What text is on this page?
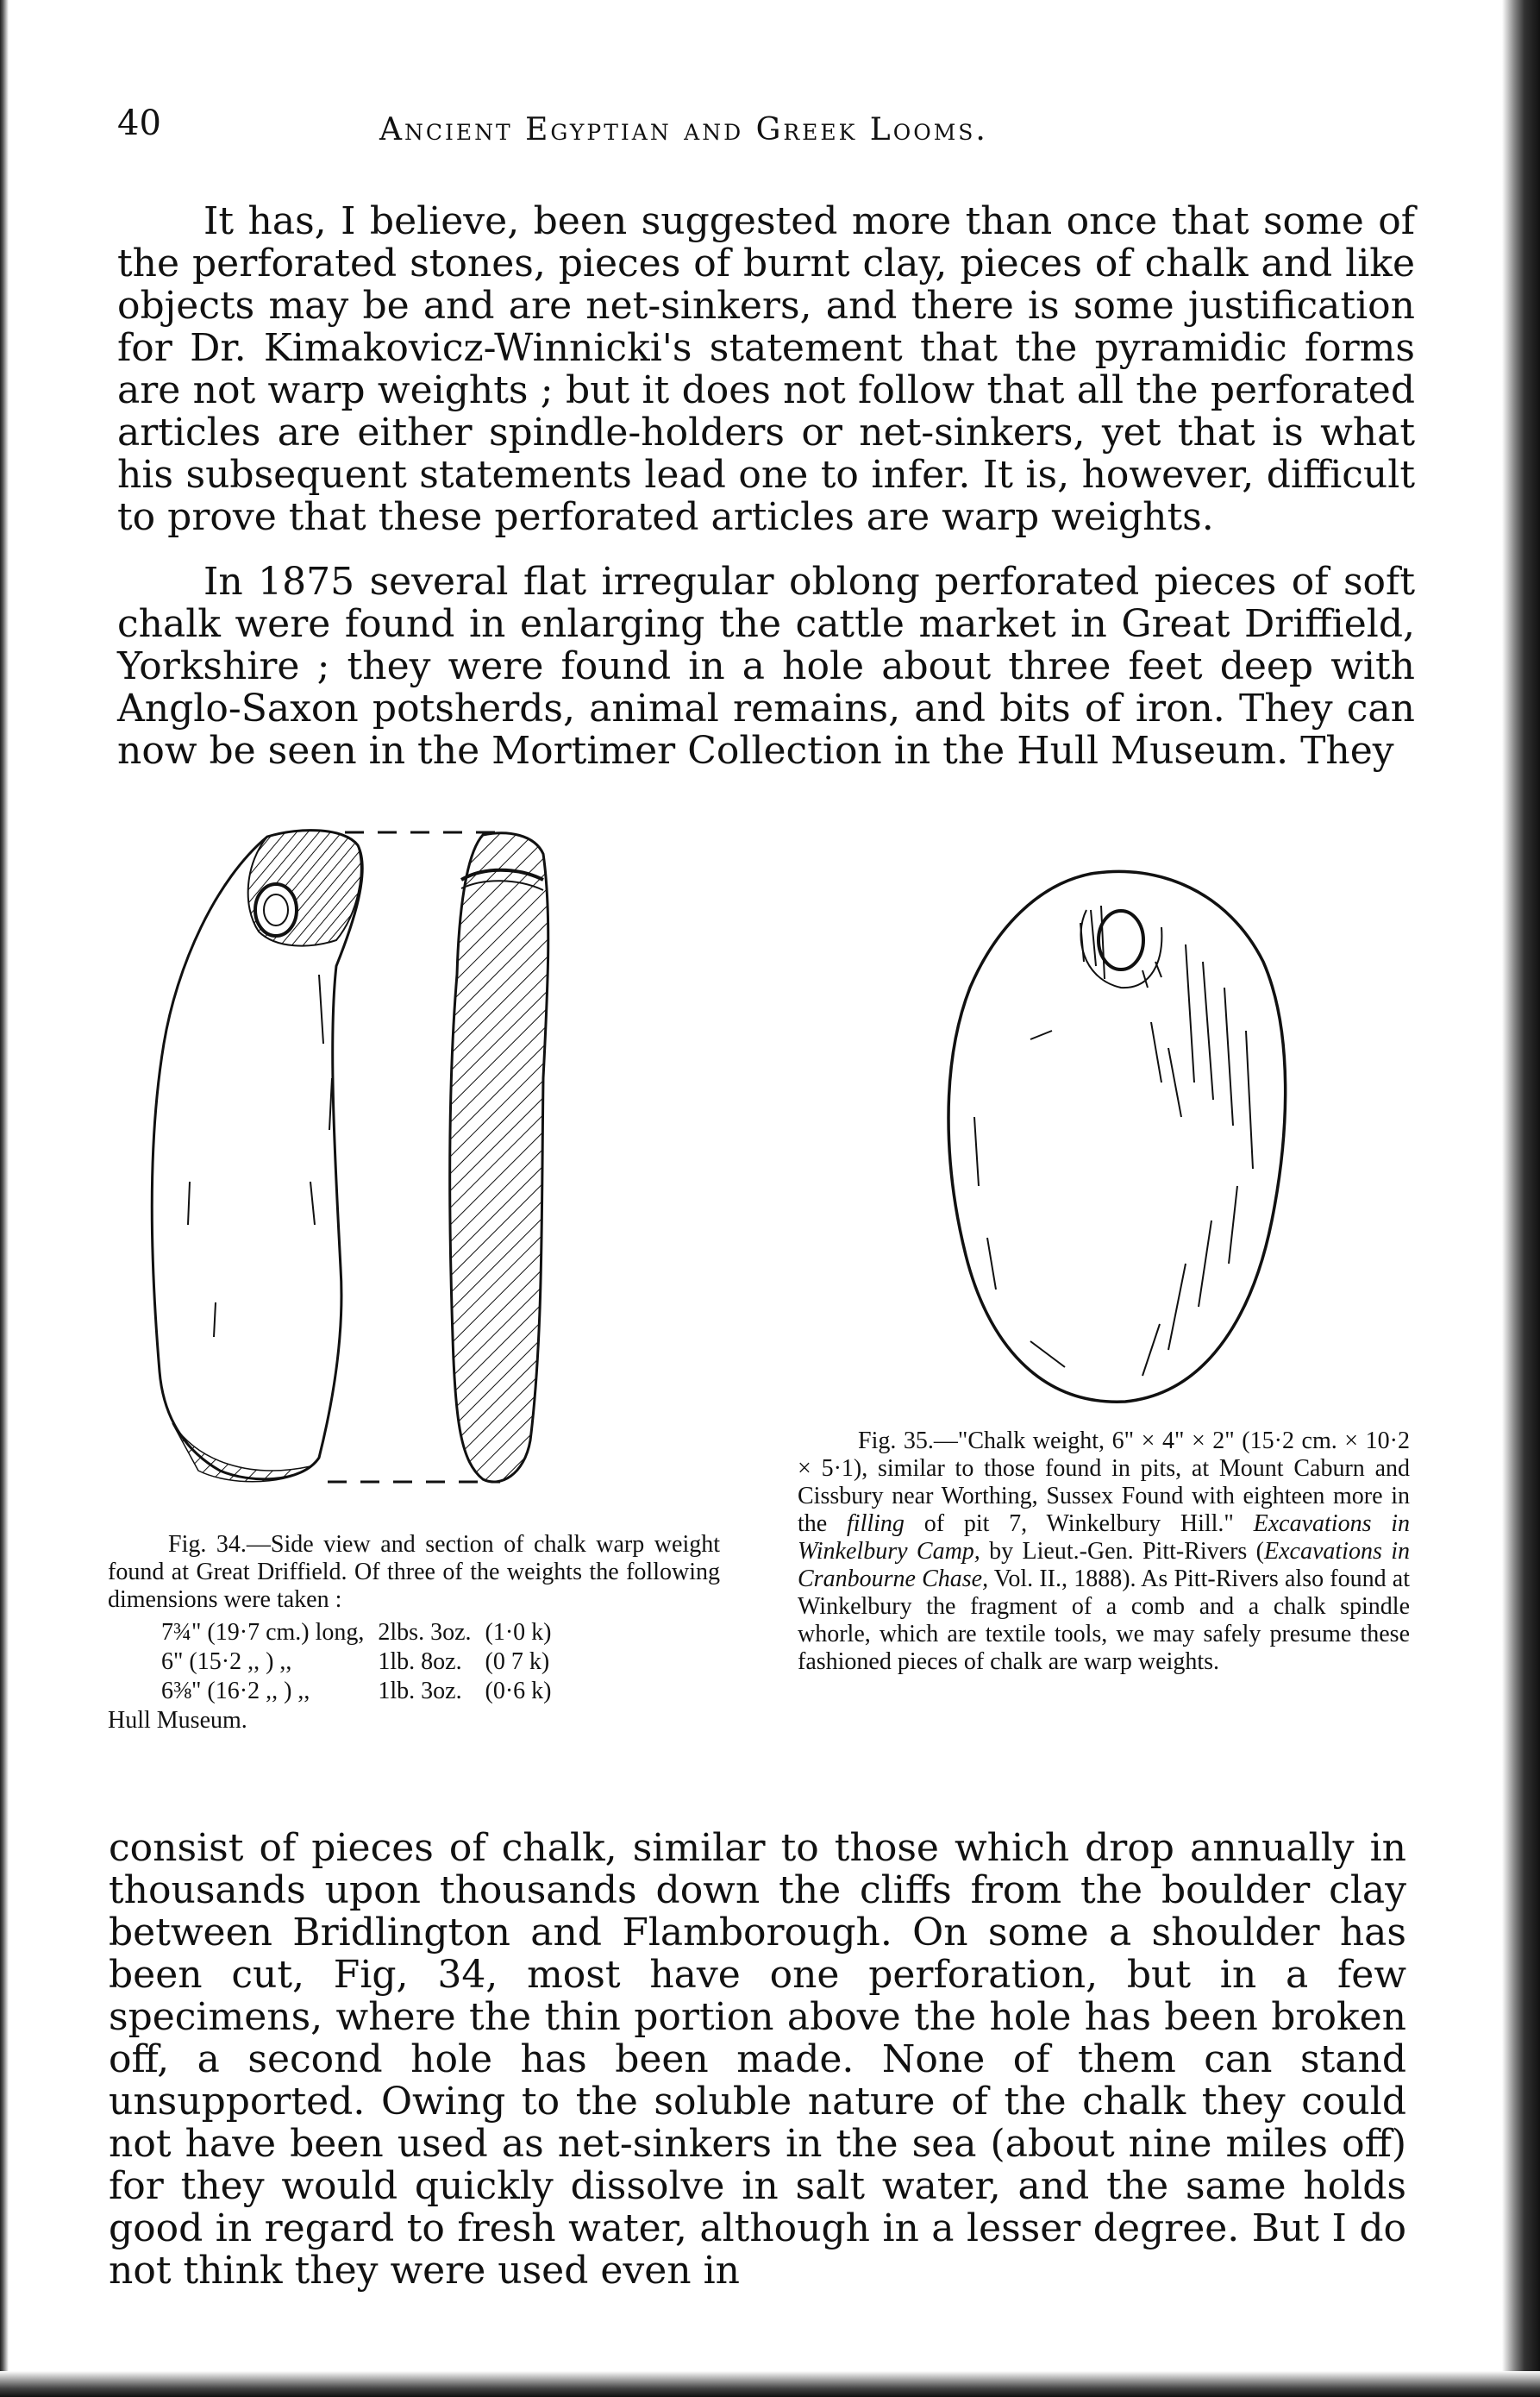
40	Ancient Egyptian and Greek Looms.

It has, I believe, been suggested more than once that some of the perforated stones, pieces of burnt clay, pieces of chalk and like objects may be and are net-sinkers, and there is some justification for Dr. Kimakovicz-Winnicki's statement that the pyramidic forms are not warp weights ; but it does not follow that all the perforated articles are either spindle-holders or net-sinkers, yet that is what his subsequent statements lead one to infer. It is, however, difficult to prove that these perforated articles are warp weights.

In 1875 several flat irregular oblong perforated pieces of soft chalk were found in enlarging the cattle market in Great Driffield, Yorkshire ; they were found in a hole about three feet deep with Anglo-Saxon potsherds, animal remains, and bits of iron. They can now be seen in the Mortimer Collection in the Hull Museum. They

Fig. 34.—Side view and section of chalk warp weight found at Great Driffield. Of three of the weights the following dimensions were taken :

7¾" (19·7 cm.) long,	2lbs. 3oz.	(1·0 k)
6" (15·2 ,, ) ,,	1lb. 8oz.	(0 7 k)
6⅜" (16·2 ,, ) ,,	1lb. 3oz.	(0·6 k)
Hull Museum.

Fig. 35.—"Chalk weight, 6" × 4" × 2" (15·2 cm. × 10·2 × 5·1), similar to those found in pits, at Mount Caburn and Cissbury near Worthing, Sussex Found with eighteen more in the filling of pit 7, Winkelbury Hill." Excavations in Winkelbury Camp, by Lieut.-Gen. Pitt-Rivers (Excavations in Cranbourne Chase, Vol. II., 1888). As Pitt-Rivers also found at Winkelbury the fragment of a comb and a chalk spindle whorle, which are textile tools, we may safely presume these fashioned pieces of chalk are warp weights.

consist of pieces of chalk, similar to those which drop annually in thousands upon thousands down the cliffs from the boulder clay between Bridlington and Flamborough. On some a shoulder has been cut, Fig, 34, most have one perforation, but in a few specimens, where the thin portion above the hole has been broken off, a second hole has been made. None of them can stand unsupported. Owing to the soluble nature of the chalk they could not have been used as net-sinkers in the sea (about nine miles off) for they would quickly dissolve in salt water, and the same holds good in regard to fresh water, although in a lesser degree. But I do not think they were used even in
